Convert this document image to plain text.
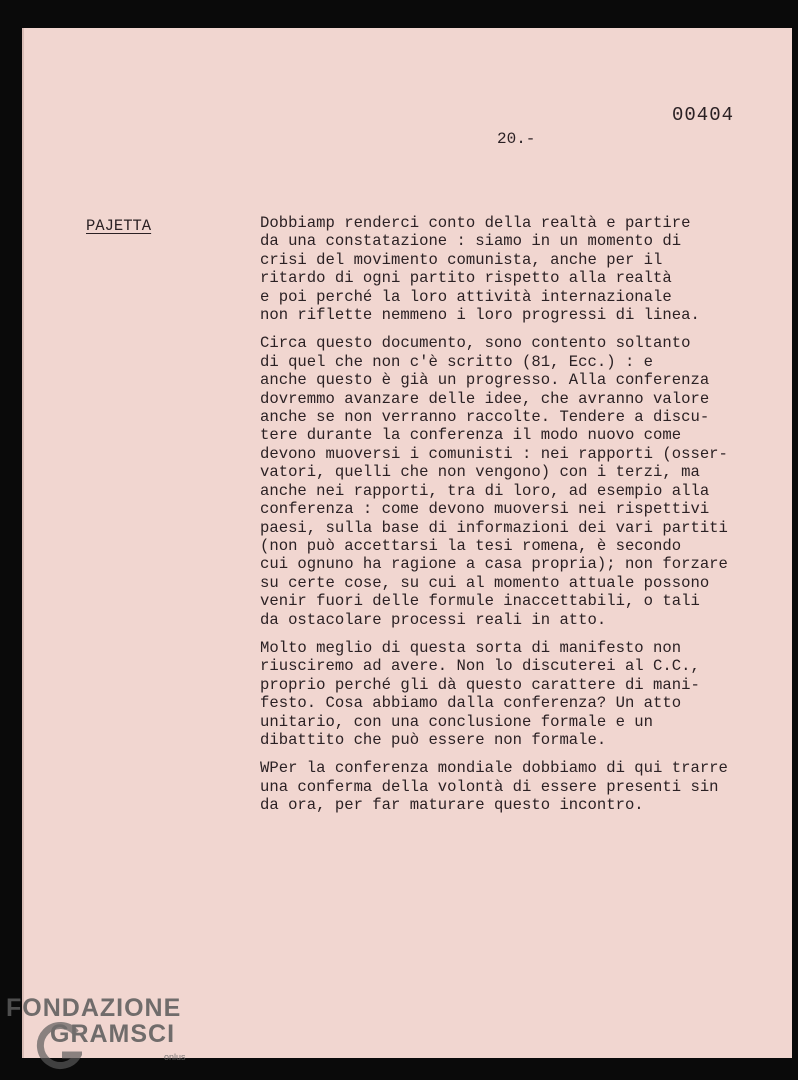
00404
20.-
PAJETTA	Dobbiamp renderci conto della realtà e partire
da una constatazione : siamo in un momento di
crisi del movimento comunista, anche per il
ritardo di ogni partito rispetto alla realtà
e poi perché la loro attività internazionale
non riflette nemmeno i loro progressi di linea.

Circa questo documento, sono contento soltanto
di quel che non c'è scritto (81, Ecc.) : e
anche questo è già un progresso. Alla conferenza
dovremmo avanzare delle idee, che avranno valore
anche se non verranno raccolte. Tendere a discu-
tere durante la conferenza il modo nuovo come
devono muoversi i comunisti : nei rapporti (osser-
vatori, quelli che non vengono) con i terzi, ma
anche nei rapporti, tra di loro, ad esempio alla
conferenza : come devono muoversi nei rispettivi
paesi, sulla base di informazioni dei vari partiti
(non può accettarsi la tesi romena, è secondo
cui ognuno ha ragione a casa propria); non forzare
su certe cose, su cui al momento attuale possono
venir fuori delle formule inaccettabili, o tali
da ostacolare processi reali in atto.

Molto meglio di questa sorta di manifesto non
riusciremo ad avere. Non lo discuterei al C.C.,
proprio perché gli dà questo carattere di mani-
festo. Cosa abbiamo dalla conferenza? Un atto
unitario, con una conclusione formale e un
dibattito che può essere non formale.

WPer la conferenza mondiale dobbiamo di qui trarre
una conferma della volontà di essere presenti sin
da ora, per far maturare questo incontro.

FONDAZIONE
GRAMSCI
onlus
